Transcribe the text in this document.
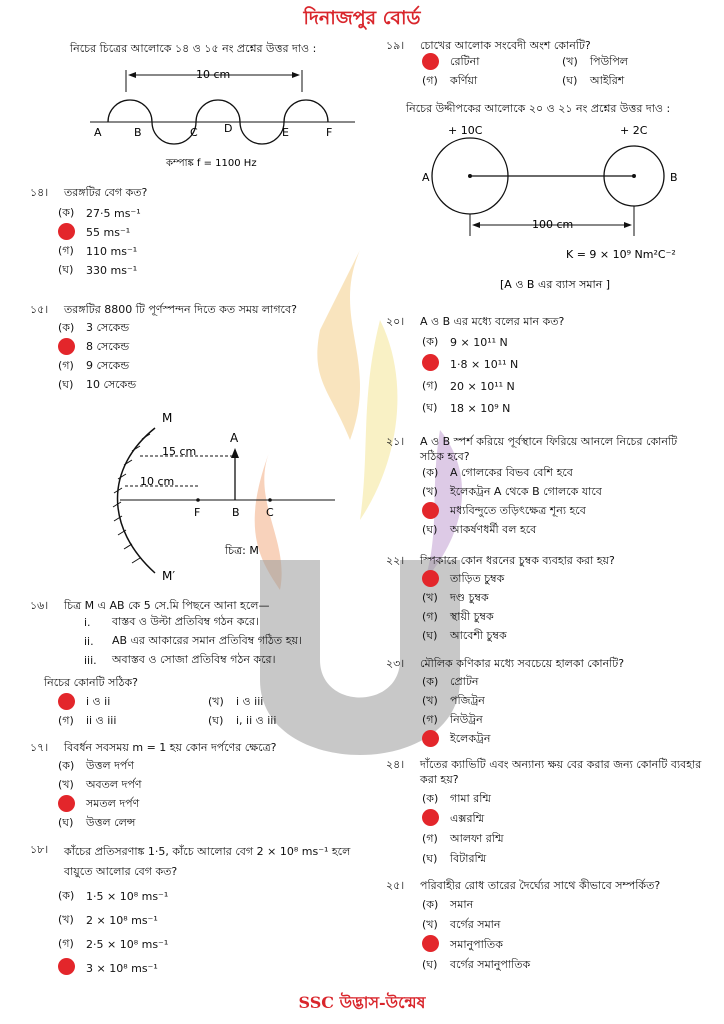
দিনাজপুর বোর্ড
নিচের চিত্রের আলোকে ১৪ ও ১৫ নং প্রশ্নের উত্তর দাও :
10 cm
A	B	C D	E	F
কম্পাঙ্ক f = 1100 Hz
১৪।	তরঙ্গটির বেগ কত?
(ক)	27·5 ms⁻¹
55 ms⁻¹
(গ)	110 ms⁻¹
(ঘ)	330 ms⁻¹
১৫।	তরঙ্গটির 8800 টি পূর্ণস্পন্দন দিতে কত সময় লাগবে?
(ক)	3 সেকেন্ড
8 সেকেন্ড
(গ)	9 সেকেন্ড
(ঘ)	10 সেকেন্ড
M
M′
A
15 cm
10 cm
F	B C
চিত্র: M
১৬।	চিত্র M এ AB কে 5 সে.মি পিছনে আনা হলে—
i.	বাস্তব ও উল্টা প্রতিবিম্ব গঠন করে।
ii.	AB এর আকারের সমান প্রতিবিম্ব গঠিত হয়।
iii.	অবাস্তব ও সোজা প্রতিবিম্ব গঠন করে।
নিচের কোনটি সঠিক?
i ও ii	(খ)	i ও iii
(গ)	ii ও iii	(ঘ)	i, ii ও iii
১৭।	বিবর্ধন সবসময় m = 1 হয় কোন দর্পণের ক্ষেত্রে?
(ক)	উত্তল দর্পণ
(খ)	অবতল দর্পণ
সমতল দর্পণ
(ঘ)	উত্তল লেন্স
১৮।	কাঁচের প্রতিসরণাঙ্ক 1·5, কাঁচে আলোর বেগ 2 × 10⁸ ms⁻¹ হলে বায়ুতে আলোর বেগ কত?
(ক)	1·5 × 10⁸ ms⁻¹
(খ)	2 × 10⁸ ms⁻¹
(গ)	2·5 × 10⁸ ms⁻¹
3 × 10⁸ ms⁻¹
১৯।	চোখের আলোক সংবেদী অংশ কোনটি?
রেটিনা	(খ)	পিউপিল
(গ)	কর্ণিয়া	(ঘ)	আইরিশ
নিচের উদ্দীপকের আলোকে ২০ ও ২১ নং প্রশ্নের উত্তর দাও :
+ 10C	+ 2C
A	B
100 cm
K = 9 × 10⁹ Nm²C⁻²
[A ও B এর ব্যাস সমান ]
২০।	A ও B এর মধ্যে বলের মান কত?
(ক)	9 × 10¹¹ N
1·8 × 10¹¹ N
(গ)	20 × 10¹¹ N
(ঘ)	18 × 10⁹ N
২১।	A ও B স্পর্শ করিয়ে পূর্বস্থানে ফিরিয়ে আনলে নিচের কোনটি সঠিক হবে?
(ক)	A গোলকের বিভব বেশি হবে
(খ)	ইলেকট্রন A থেকে B গোলকে যাবে
মধ্যবিন্দুতে তড়িৎক্ষেত্র শূন্য হবে
(ঘ)	আকর্ষণধর্মী বল হবে
২২।	স্পিকারে কোন ধরনের চুম্বক ব্যবহার করা হয়?
তাড়িত চুম্বক
(খ)	দণ্ড চুম্বক
(গ)	স্থায়ী চুম্বক
(ঘ)	আবেশী চুম্বক
২৩।	মৌলিক কণিকার মধ্যে সবচেয়ে হালকা কোনটি?
(ক)	প্রোটন
(খ)	পজিট্রন
(গ)	নিউট্রন
ইলেকট্রন
২৪।	দাঁতের ক্যাভিটি এবং অন্যান্য ক্ষয় বের করার জন্য কোনটি ব্যবহার করা হয়?
(ক)	গামা রশ্মি
এক্সরশ্মি
(গ)	আলফা রশ্মি
(ঘ)	বিটারশ্মি
২৫।	পরিবাহীর রোধ তারের দৈর্ঘ্যের সাথে কীভাবে সম্পর্কিত?
(ক)	সমান
(খ)	বর্গের সমান
সমানুপাতিক
(ঘ)	বর্গের সমানুপাতিক
SSC উদ্ভাস-উন্মেষ
